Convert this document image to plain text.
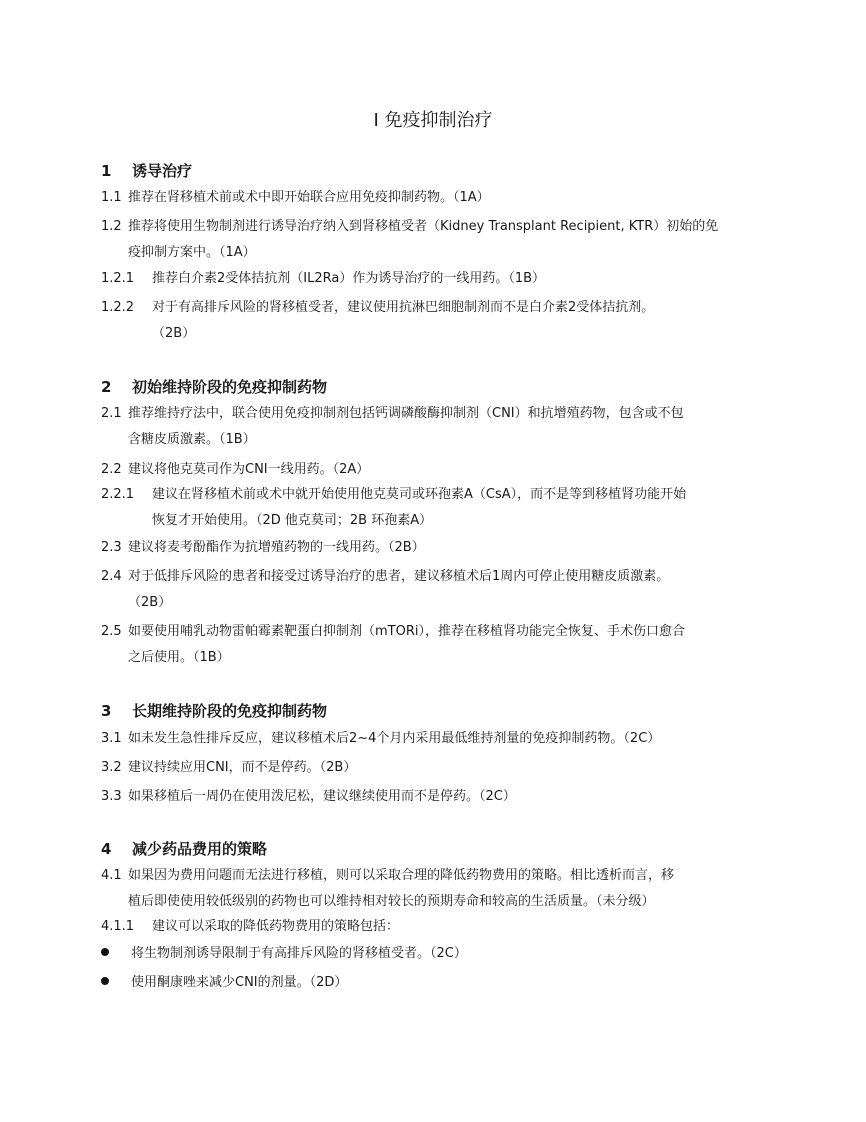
I 免疫抑制治疗
1 诱导治疗
1.1 推荐在肾移植术前或术中即开始联合应用免疫抑制药物。（1A）
1.2 推荐将使用生物制剂进行诱导治疗纳入到肾移植受者（Kidney Transplant Recipient, KTR）初始的免
疫抑制方案中。（1A）
1.2.1 推荐白介素2受体拮抗剂（IL2Ra）作为诱导治疗的一线用药。（1B）
1.2.2 对于有高排斥风险的肾移植受者，建议使用抗淋巴细胞制剂而不是白介素2受体拮抗剂。
（2B）
2 初始维持阶段的免疫抑制药物
2.1 推荐维持疗法中，联合使用免疫抑制剂包括钙调磷酸酶抑制剂（CNI）和抗增殖药物，包含或不包
含糖皮质激素。（1B）
2.2 建议将他克莫司作为CNI一线用药。（2A）
2.2.1 建议在肾移植术前或术中就开始使用他克莫司或环孢素A（CsA），而不是等到移植肾功能开始
恢复才开始使用。（2D 他克莫司；2B 环孢素A）
2.3 建议将麦考酚酯作为抗增殖药物的一线用药。（2B）
2.4 对于低排斥风险的患者和接受过诱导治疗的患者，建议移植术后1周内可停止使用糖皮质激素。
（2B）
2.5 如要使用哺乳动物雷帕霉素靶蛋白抑制剂（mTORi），推荐在移植肾功能完全恢复、手术伤口愈合
之后使用。（1B）
3 长期维持阶段的免疫抑制药物
3.1 如未发生急性排斥反应，建议移植术后2~4个月内采用最低维持剂量的免疫抑制药物。（2C）
3.2 建议持续应用CNI，而不是停药。（2B）
3.3 如果移植后一周仍在使用泼尼松，建议继续使用而不是停药。（2C）
4 减少药品费用的策略
4.1 如果因为费用问题而无法进行移植，则可以采取合理的降低药物费用的策略。相比透析而言，移
植后即使使用较低级别的药物也可以维持相对较长的预期寿命和较高的生活质量。（未分级）
4.1.1 建议可以采取的降低药物费用的策略包括：
将生物制剂诱导限制于有高排斥风险的肾移植受者。（2C）
使用酮康唑来减少CNI的剂量。（2D）
